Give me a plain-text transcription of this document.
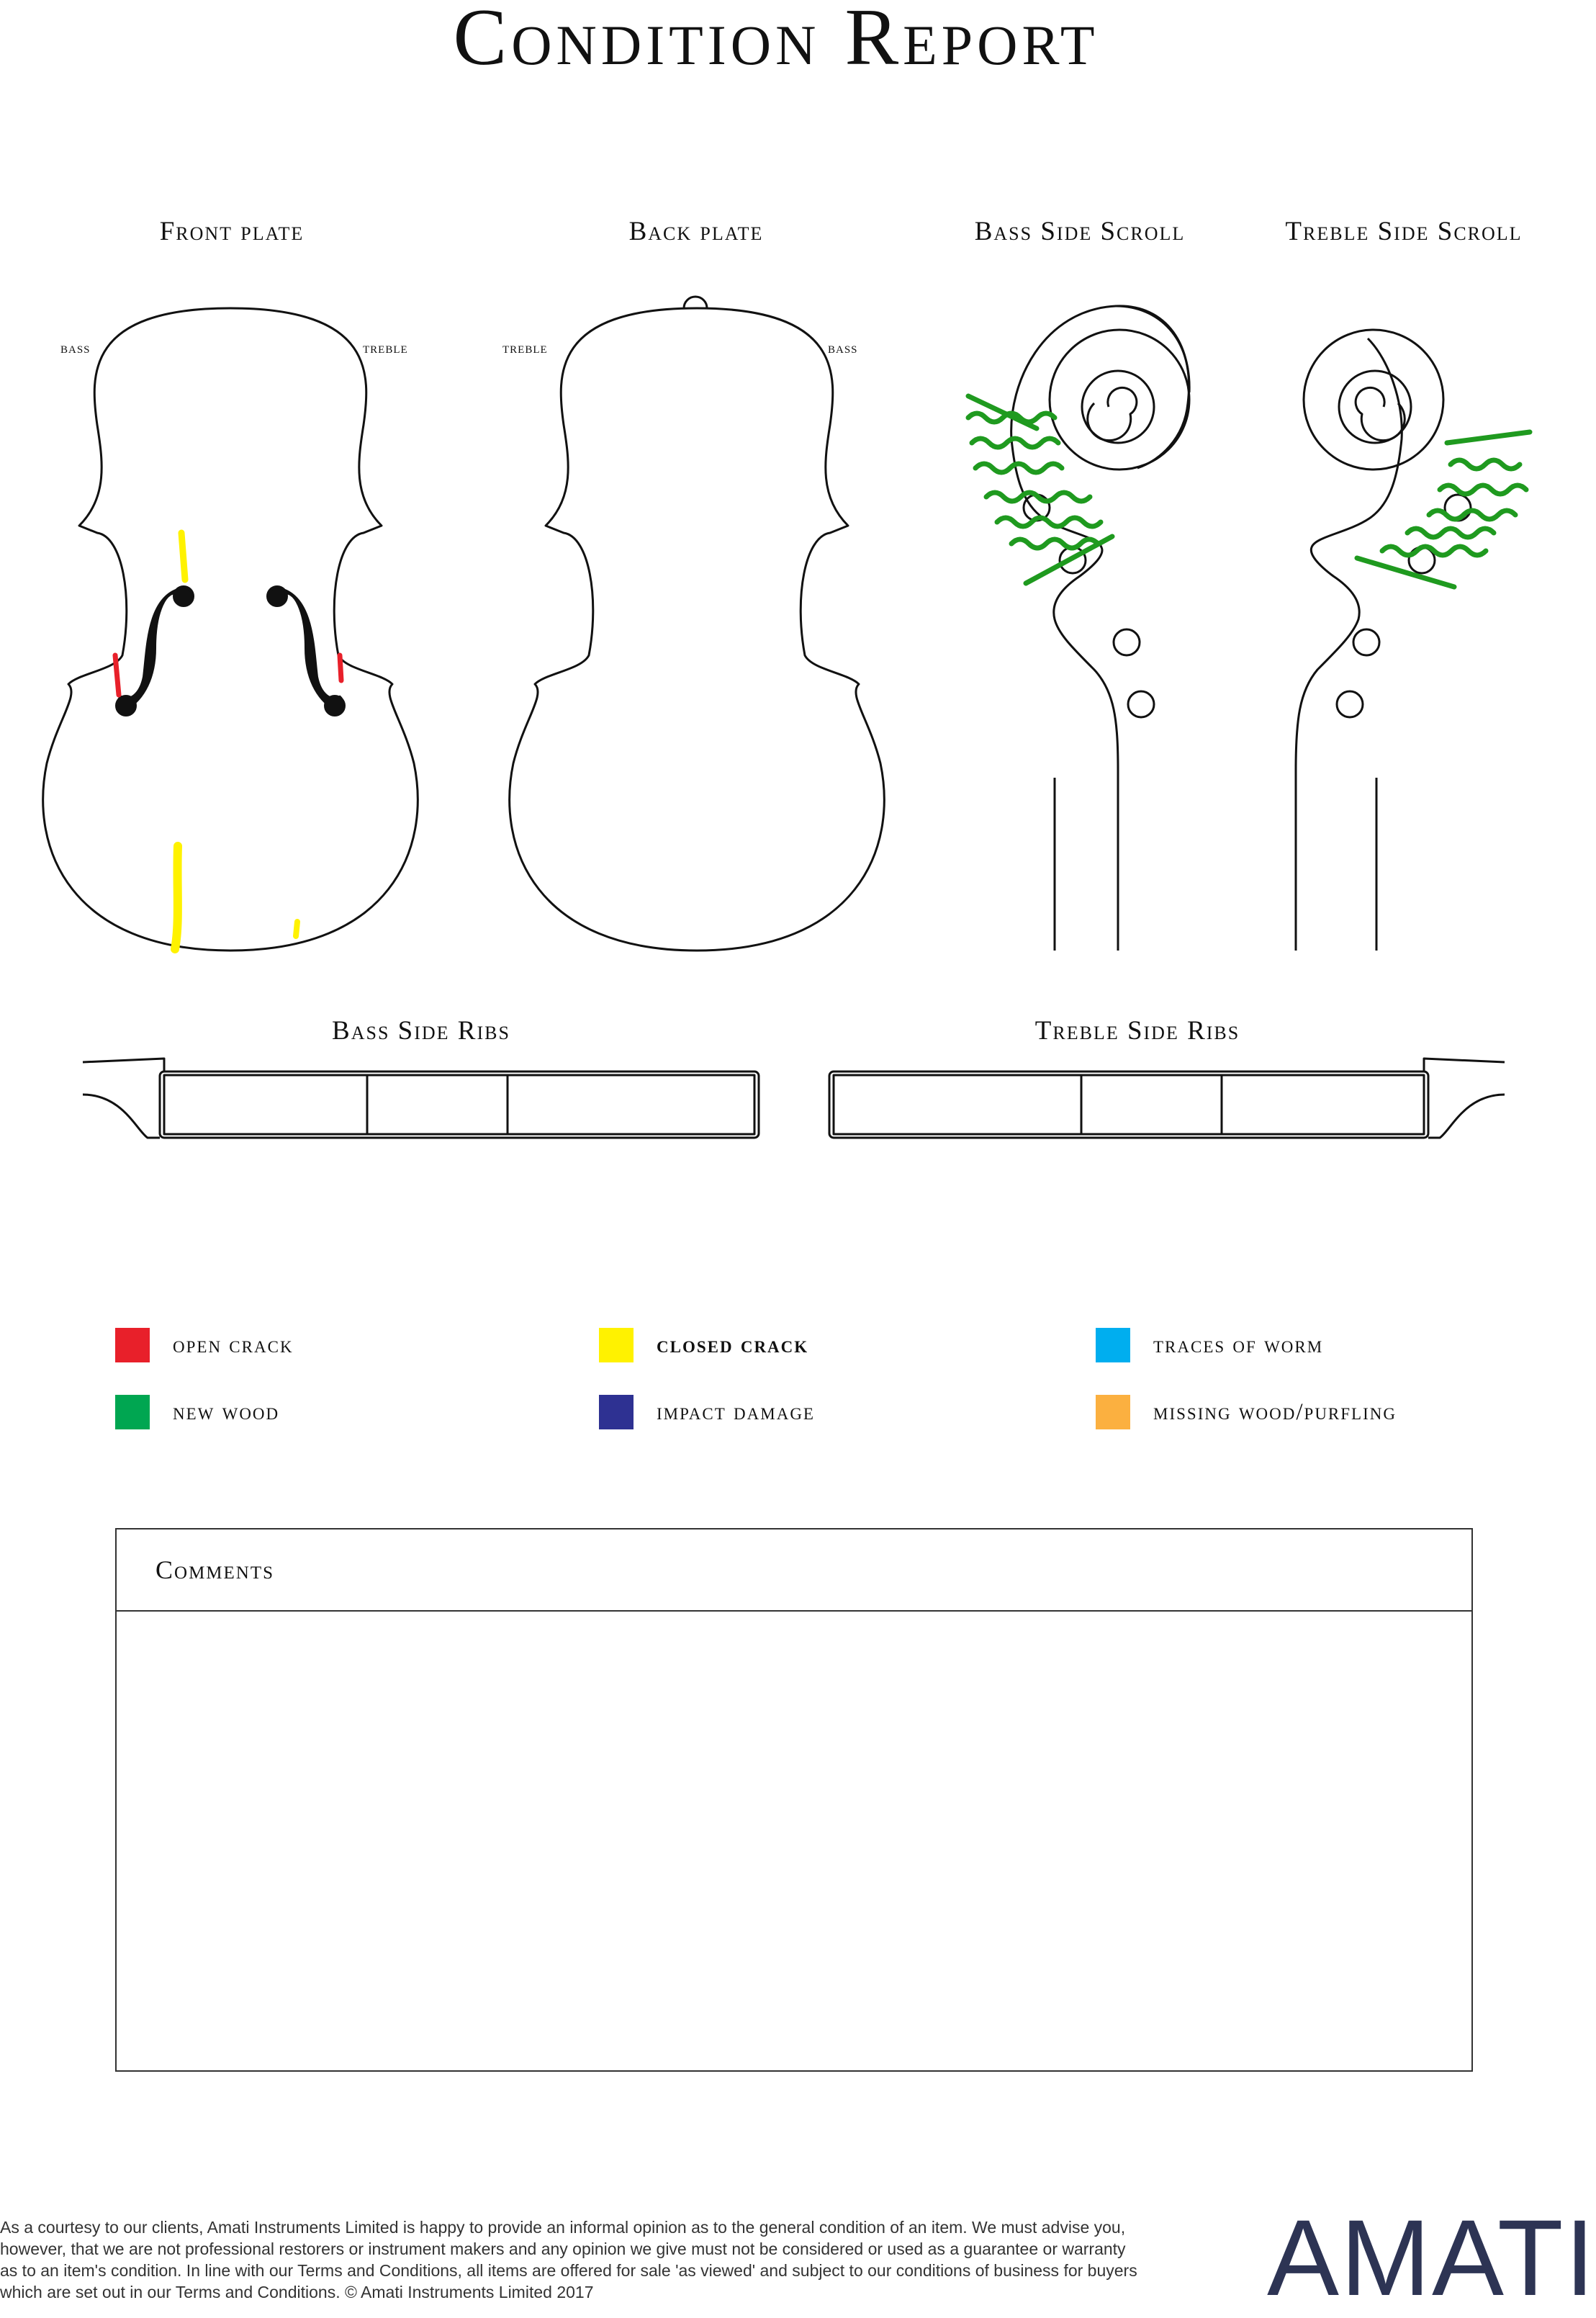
Condition Report
Front plate	Back plate	Bass Side Scroll	Treble Side Scroll
Bass Side Ribs	Treble Side Ribs
bass	treble	treble	bass
open crack	closed crack	traces of worm
new wood	impact damage	missing wood/purfling
Comments
As a courtesy to our clients, Amati Instruments Limited is happy to provide an informal opinion as to the general condition of an item. We must advise you, however, that we are not professional restorers or instrument makers and any opinion we give must not be considered or used as a guarantee or warranty as to an item's condition. In line with our Terms and Conditions, all items are offered for sale 'as viewed' and subject to our conditions of business for buyers which are set out in our Terms and Conditions. © Amati Instruments Limited 2017	AMATI
